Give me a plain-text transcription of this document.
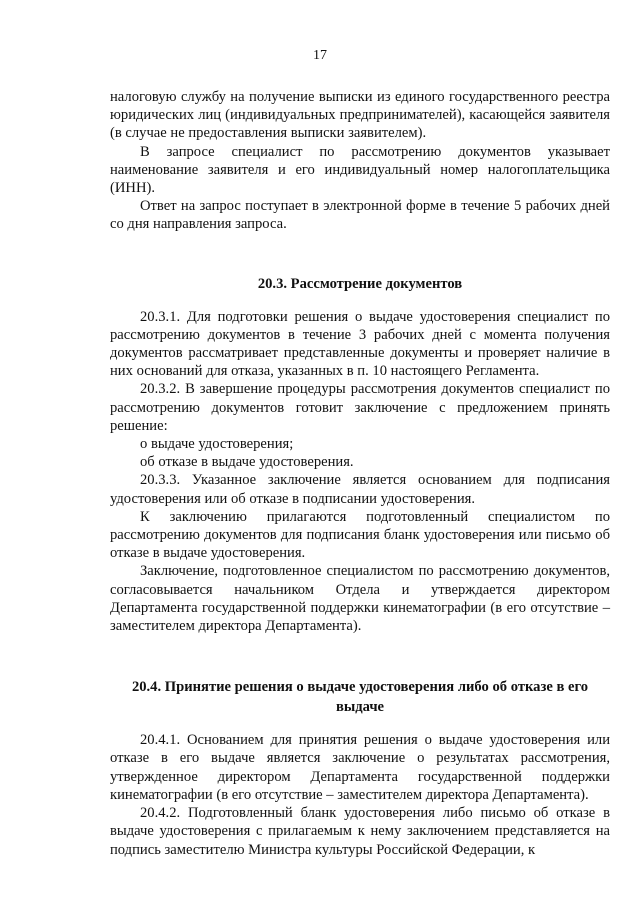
17

налоговую службу на получение выписки из единого государственного реестра юридических лиц (индивидуальных предпринимателей), касающейся заявителя (в случае не предоставления выписки заявителем).

В запросе специалист по рассмотрению документов указывает наименование заявителя и его индивидуальный номер налогоплательщика (ИНН).

Ответ на запрос поступает в электронной форме в течение 5 рабочих дней со дня направления запроса.

20.3. Рассмотрение документов

20.3.1. Для подготовки решения о выдаче удостоверения специалист по рассмотрению документов в течение 3 рабочих дней с момента получения документов рассматривает представленные документы и проверяет наличие в них оснований для отказа, указанных в п. 10 настоящего Регламента.

20.3.2. В завершение процедуры рассмотрения документов специалист по рассмотрению документов готовит заключение с предложением принять решение:

о выдаче удостоверения;

об отказе в выдаче удостоверения.

20.3.3. Указанное заключение является основанием для подписания удостоверения или об отказе в подписании удостоверения.

К заключению прилагаются подготовленный специалистом по рассмотрению документов для подписания бланк удостоверения или письмо об отказе в выдаче удостоверения.

Заключение, подготовленное специалистом по рассмотрению документов, согласовывается начальником Отдела и утверждается директором Департамента государственной поддержки кинематографии (в его отсутствие – заместителем директора Департамента).

20.4. Принятие решения о выдаче удостоверения либо об отказе в его выдаче

20.4.1. Основанием для принятия решения о выдаче удостоверения или отказе в его выдаче является заключение о результатах рассмотрения, утвержденное директором Департамента государственной поддержки кинематографии (в его отсутствие – заместителем директора Департамента).

20.4.2. Подготовленный бланк удостоверения либо письмо об отказе в выдаче удостоверения с прилагаемым к нему заключением представляется на подпись заместителю Министра культуры Российской Федерации, к
